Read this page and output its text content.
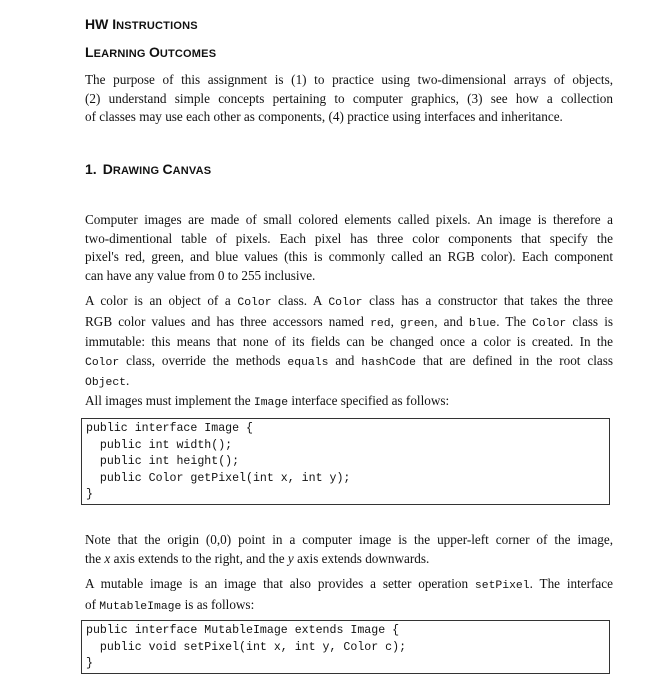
HW INSTRUCTIONS
LEARNING OUTCOMES
The purpose of this assignment is (1) to practice using two-dimensional arrays of objects,
(2) understand simple concepts pertaining to computer graphics, (3) see how a collection
of classes may use each other as components, (4) practice using interfaces and inheritance.
1. DRAWING CANVAS
Computer images are made of small colored elements called pixels. An image is therefore a
two-dimentional table of pixels. Each pixel has three color components that specify the
pixel's red, green, and blue values (this is commonly called an RGB color). Each component
can have any value from 0 to 255 inclusive.
A color is an object of a Color class. A Color class has a constructor that takes the three
RGB color values and has three accessors named red, green, and blue. The Color class is
immutable: this means that none of its fields can be changed once a color is created. In the
Color class, override the methods equals and hashCode that are defined in the root class
Object.
All images must implement the Image interface specified as follows:
public interface Image {
public int width();
public int height();
public Color getPixel(int x, int y);
}
Note that the origin (0,0) point in a computer image is the upper-left corner of the image,
the x axis extends to the right, and the y axis extends downwards.
A mutable image is an image that also provides a setter operation setPixel. The interface
of MutableImage is as follows:
public interface MutableImage extends Image {
public void setPixel(int x, int y, Color c);
}
